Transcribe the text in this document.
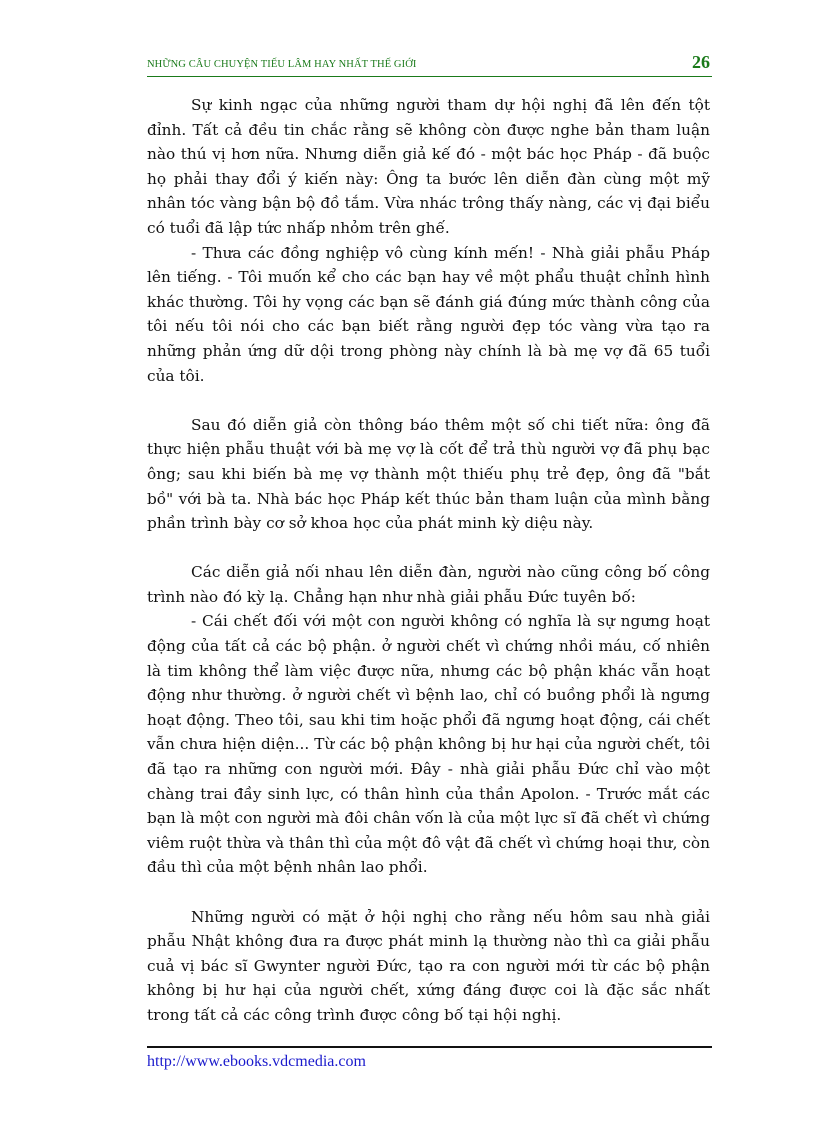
NHỮNG CÂU CHUYỆN TIẾU LÂM HAY NHẤT THẾ GIỚI	26

Sự kinh ngạc của những người tham dự hội nghị đã lên đến tột đỉnh. Tất cả đều tin chắc rằng sẽ không còn được nghe bản tham luận nào thú vị hơn nữa. Nhưng diễn giả kế đó - một bác học Pháp - đã buộc họ phải thay đổi ý kiến này: Ông ta bước lên diễn đàn cùng một mỹ nhân tóc vàng bận bộ đồ tắm. Vừa nhác trông thấy nàng, các vị đại biểu có tuổi đã lập tức nhấp nhỏm trên ghế.

- Thưa các đồng nghiệp vô cùng kính mến! - Nhà giải phẫu Pháp lên tiếng. - Tôi muốn kể cho các bạn hay về một phẩu thuật chỉnh hình khác thường. Tôi hy vọng các bạn sẽ đánh giá đúng mức thành công của tôi nếu tôi nói cho các bạn biết rằng người đẹp tóc vàng vừa tạo ra những phản ứng dữ dội trong phòng này chính là bà mẹ vợ đã 65 tuổi của tôi.

Sau đó diễn giả còn thông báo thêm một số chi tiết nữa: ông đã thực hiện phẫu thuật với bà mẹ vợ là cốt để trả thù người vợ đã phụ bạc ông; sau khi biến bà mẹ vợ thành một thiếu phụ trẻ đẹp, ông đã "bắt bồ" với bà ta. Nhà bác học Pháp kết thúc bản tham luận của mình bằng phần trình bày cơ sở khoa học của phát minh kỳ diệu này.

Các diễn giả nối nhau lên diễn đàn, người nào cũng công bố công trình nào đó kỳ lạ. Chẳng hạn như nhà giải phẫu Đức tuyên bố:

- Cái chết đối với một con người không có nghĩa là sự ngưng hoạt động của tất cả các bộ phận. ở người chết vì chứng nhồi máu, cố nhiên là tim không thể làm việc được nữa, nhưng các bộ phận khác vẫn hoạt động như thường. ở người chết vì bệnh lao, chỉ có buồng phổi là ngưng hoạt động. Theo tôi, sau khi tim hoặc phổi đã ngưng hoạt động, cái chết vẫn chưa hiện diện... Từ các bộ phận không bị hư hại của người chết, tôi đã tạo ra những con người mới. Đây - nhà giải phẫu Đức chỉ vào một chàng trai đầy sinh lực, có thân hình của thần Apolon. - Trước mắt các bạn là một con người mà đôi chân vốn là của một lực sĩ đã chết vì chứng viêm ruột thừa và thân thì của một đô vật đã chết vì chứng hoại thư, còn đầu thì của một bệnh nhân lao phổi.

Những người có mặt ở hội nghị cho rằng nếu hôm sau nhà giải phẫu Nhật không đưa ra được phát minh lạ thường nào thì ca giải phẫu cuả vị bác sĩ Gwynter người Đức, tạo ra con người mới từ các bộ phận không bị hư hại của người chết, xứng đáng được coi là đặc sắc nhất trong tất cả các công trình được công bố tại hội nghị.

http://www.ebooks.vdcmedia.com
